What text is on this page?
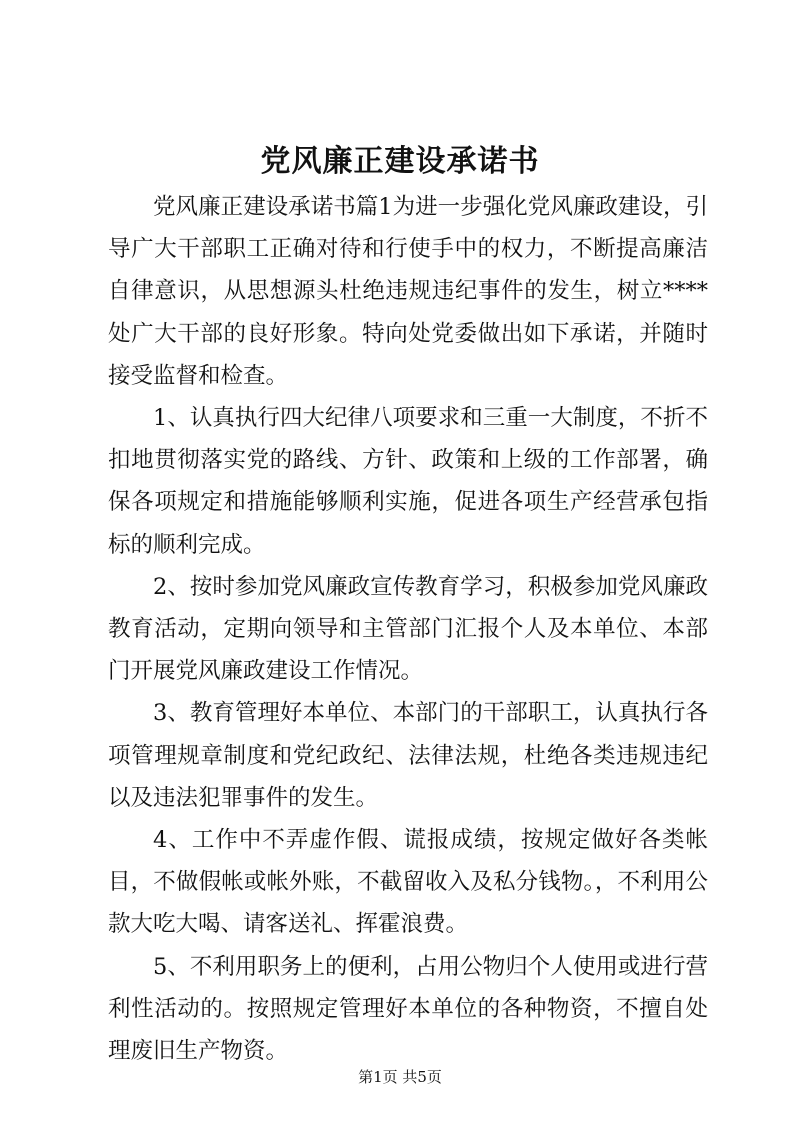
党风廉正建设承诺书

党风廉正建设承诺书篇1为进一步强化党风廉政建设，引导广大干部职工正确对待和行使手中的权力，不断提高廉洁自律意识，从思想源头杜绝违规违纪事件的发生，树立****处广大干部的良好形象。特向处党委做出如下承诺，并随时接受监督和检查。

1、认真执行四大纪律八项要求和三重一大制度，不折不扣地贯彻落实党的路线、方针、政策和上级的工作部署，确保各项规定和措施能够顺利实施，促进各项生产经营承包指标的顺利完成。

2、按时参加党风廉政宣传教育学习，积极参加党风廉政教育活动，定期向领导和主管部门汇报个人及本单位、本部门开展党风廉政建设工作情况。

3、教育管理好本单位、本部门的干部职工，认真执行各项管理规章制度和党纪政纪、法律法规，杜绝各类违规违纪以及违法犯罪事件的发生。

4、工作中不弄虚作假、谎报成绩，按规定做好各类帐目，不做假帐或帐外账，不截留收入及私分钱物。，不利用公款大吃大喝、请客送礼、挥霍浪费。

5、不利用职务上的便利，占用公物归个人使用或进行营利性活动的。按照规定管理好本单位的各种物资，不擅自处理废旧生产物资。

第1页 共5页
